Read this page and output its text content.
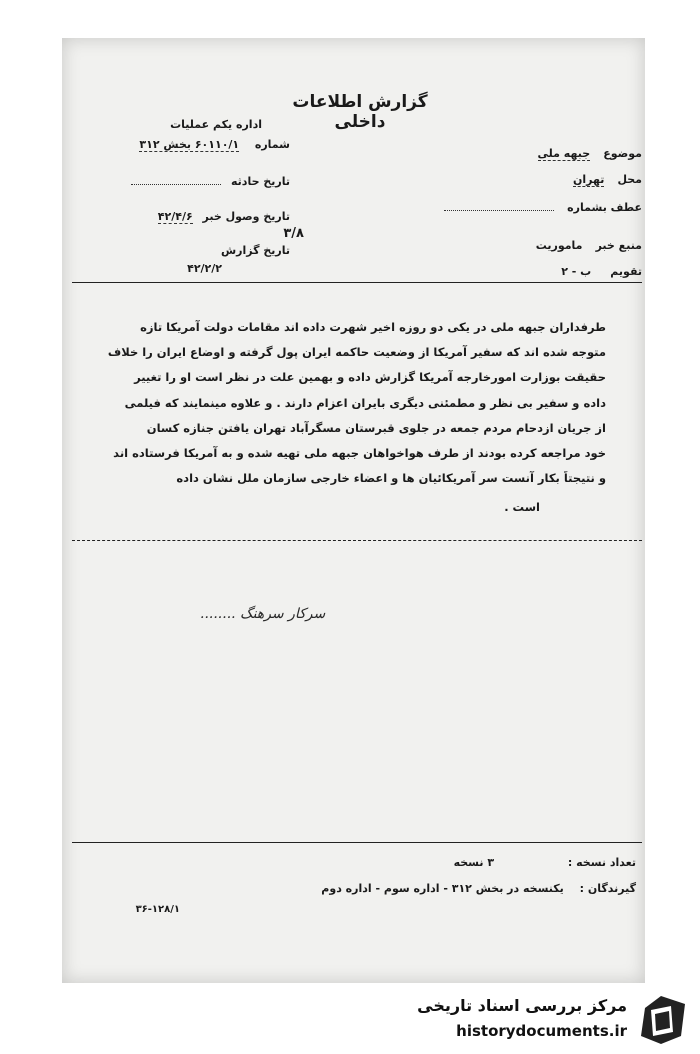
گزارش اطلاعات داخلی
اداره یکم عملیات
شماره  ۶۰۱۱۰/۱ بخش ۳۱۲
تاریخ حادثه
تاریخ وصول خبر ۴۲/۴/۶
تاریخ گزارش
۴۲/۲/۲
۳/۸
موضوع جبهه ملی
محل تهران
عطف بشماره
منبع خبر ماموریت
تقویم ب - ۲
طرفداران جبهه ملی در یکی دو روزه اخیر شهرت داده اند مقامات دولت آمریکا تازه
متوجه شده اند که سفیر آمریکا از وضعیت حاکمه ایران پول گرفته و اوضاع ایران را خلاف
حقیقت بوزارت امورخارجه آمریکا گزارش داده و بهمین علت در نظر است او را تغییر
داده و سفیر بی نظر و مطمئنی دیگری بایران اعزام دارند . و علاوه مینمایند که فیلمی
از جریان ازدحام مردم جمعه در جلوی قبرستان مسگرآباد تهران یافتن جنازه کسان
خود مراجعه کرده بودند از طرف هواخواهان جبهه ملی تهیه شده و به آمریکا فرستاده اند
و نتیجتاً بکار آنست سر آمریکائیان ها و اعضاء خارجی سازمان ملل نشان داده
است .
سرکار سرهنگ ........
تعداد نسخه : ۳ نسخه
گیرندگان : یکنسخه در بخش ۳۱۲ - اداره سوم - اداره دوم
۳۶-۱۲۸/۱
مرکز بررسی اسناد تاریخی
historydocuments.ir
